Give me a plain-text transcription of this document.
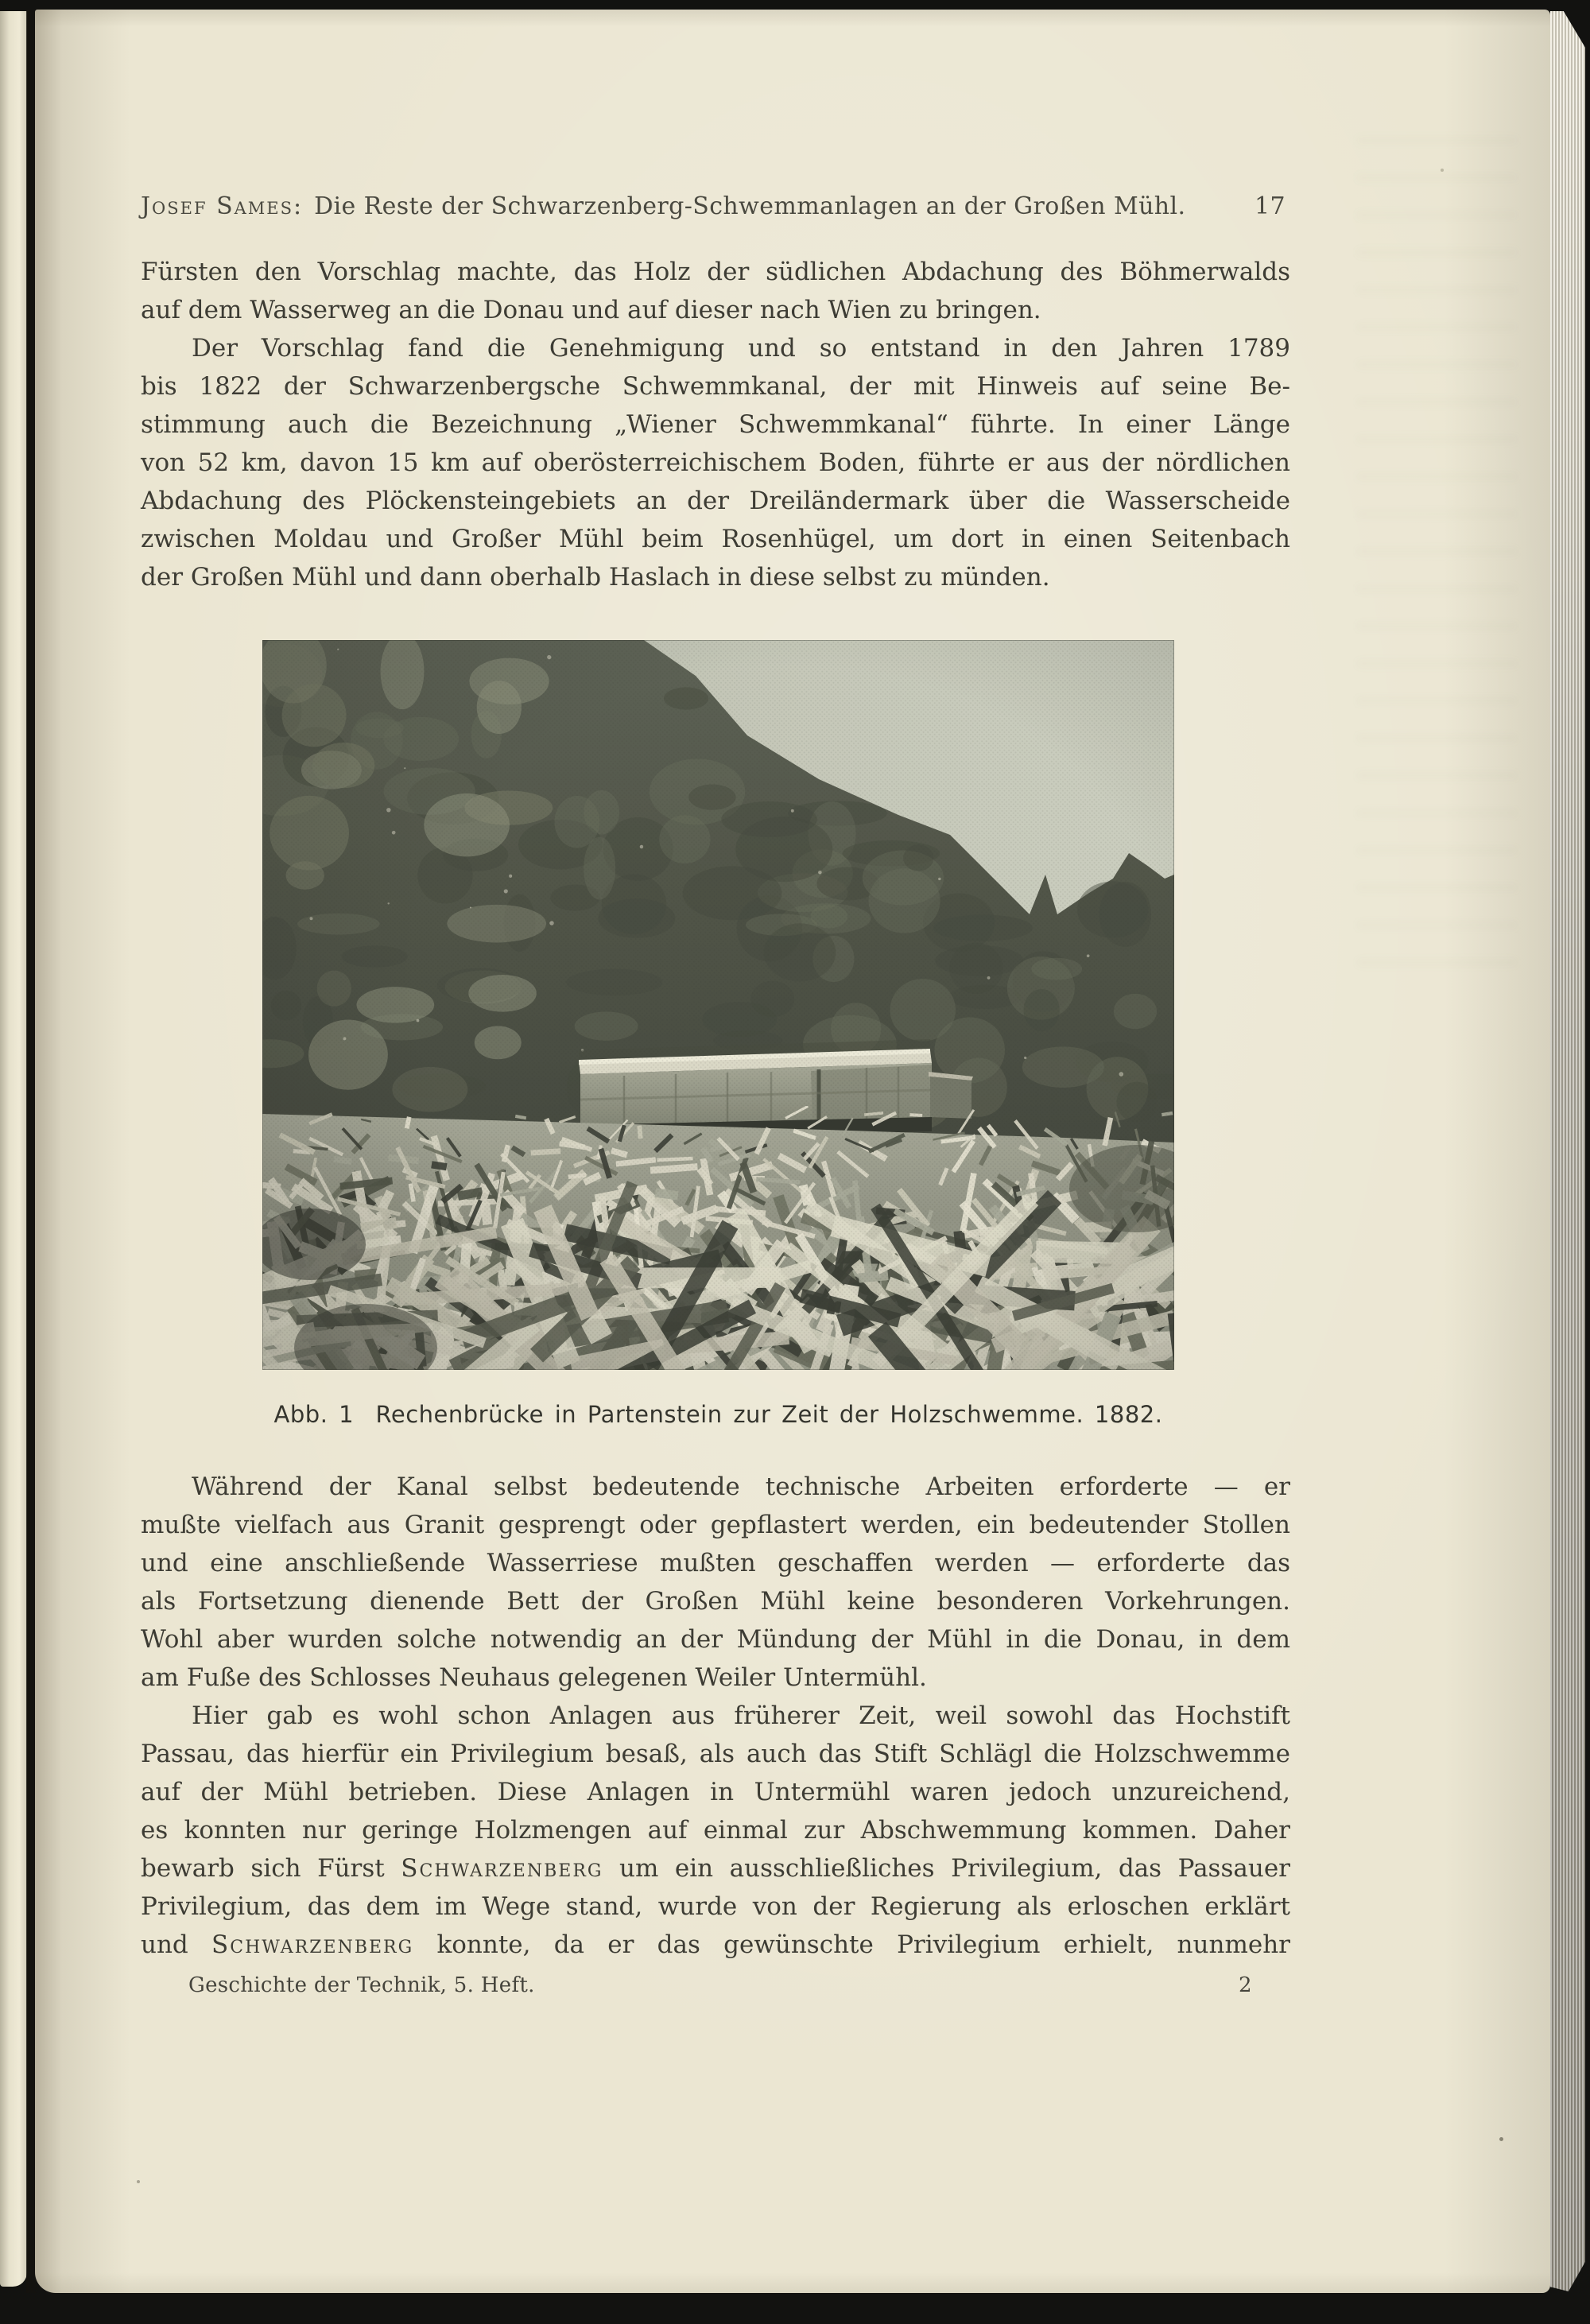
Josef Sames: Die Reste der Schwarzenberg-Schwemmanlagen an der Großen Mühl.	17
Fürsten den Vorschlag machte, das Holz der südlichen Abdachung des Böhmerwalds
auf dem Wasserweg an die Donau und auf dieser nach Wien zu bringen.
Der Vorschlag fand die Genehmigung und so entstand in den Jahren 1789
bis 1822 der Schwarzenbergsche Schwemmkanal, der mit Hinweis auf seine Be-
stimmung auch die Bezeichnung „Wiener Schwemmkanal“ führte. In einer Länge
von 52 km, davon 15 km auf oberösterreichischem Boden, führte er aus der nördlichen
Abdachung des Plöckensteingebiets an der Dreiländermark über die Wasserscheide
zwischen Moldau und Großer Mühl beim Rosenhügel, um dort in einen Seitenbach
der Großen Mühl und dann oberhalb Haslach in diese selbst zu münden.
Abb. 1  Rechenbrücke in Partenstein zur Zeit der Holzschwemme. 1882.
Während der Kanal selbst bedeutende technische Arbeiten erforderte — er
mußte vielfach aus Granit gesprengt oder gepflastert werden, ein bedeutender Stollen
und eine anschließende Wasserriese mußten geschaffen werden — erforderte das
als Fortsetzung dienende Bett der Großen Mühl keine besonderen Vorkehrungen.
Wohl aber wurden solche notwendig an der Mündung der Mühl in die Donau, in dem
am Fuße des Schlosses Neuhaus gelegenen Weiler Untermühl.
Hier gab es wohl schon Anlagen aus früherer Zeit, weil sowohl das Hochstift
Passau, das hierfür ein Privilegium besaß, als auch das Stift Schlägl die Holzschwemme
auf der Mühl betrieben. Diese Anlagen in Untermühl waren jedoch unzureichend,
es konnten nur geringe Holzmengen auf einmal zur Abschwemmung kommen. Daher
bewarb sich Fürst Schwarzenberg um ein ausschließliches Privilegium, das Passauer
Privilegium, das dem im Wege stand, wurde von der Regierung als erloschen erklärt
und Schwarzenberg konnte, da er das gewünschte Privilegium erhielt, nunmehr
Geschichte der Technik, 5. Heft.	2
